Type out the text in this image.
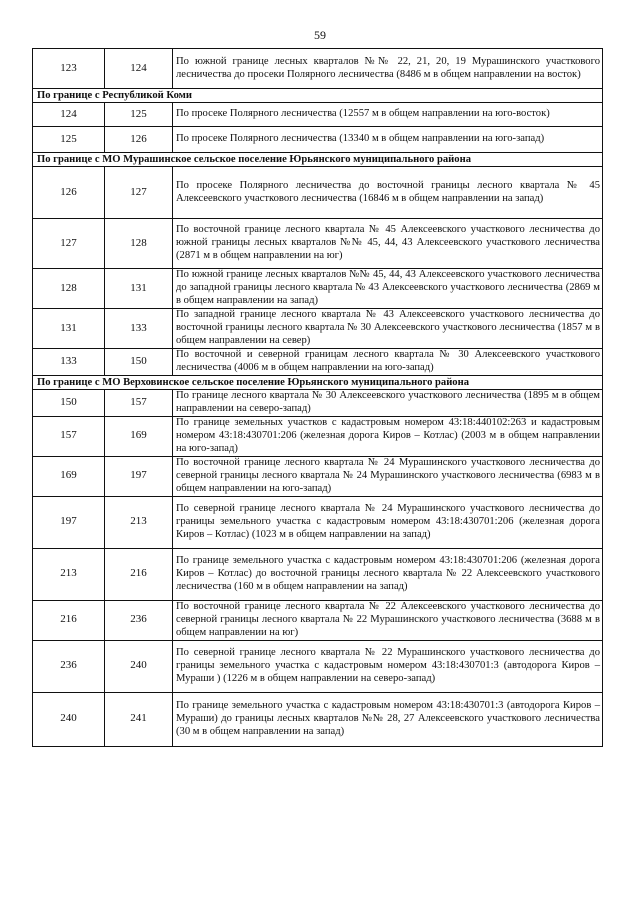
59
123	124	По южной границе лесных кварталов №№ 22, 21, 20, 19 Мурашинского участкового лесничества до просеки Полярного лесничества (8486 м в общем направлении на восток)
По границе с Республикой Коми		
124	125	По просеке Полярного лесничества (12557 м в общем направлении на юго-восток)
125	126	По просеке Полярного лесничества (13340 м в общем направлении на юго-запад)
По границе с МО Мурашинское сельское поселение Юрьянского муниципального района		
126	127	По просеке Полярного лесничества до восточной границы лесного квартала № 45 Алексеевского участкового лесничества (16846 м в общем направлении на запад)
127	128	По восточной границе лесного квартала № 45 Алексеевского участкового лесничества до южной границы лесных кварталов №№ 45, 44, 43 Алексеевского участкового лесничества (2871 м в общем направлении на юг)
128	131	По южной границе лесных кварталов №№ 45, 44, 43 Алексеевского участкового лесничества до западной границы лесного квартала № 43 Алексеевского участкового лесничества (2869 м в общем направлении на запад)
131	133	По западной границе лесного квартала № 43 Алексеевского участкового лесничества до восточной границы лесного квартала № 30 Алексеевского участкового лесничества (1857 м в общем направлении на север)
133	150	По восточной и северной границам лесного квартала № 30 Алексеевского участкового лесничества (4006 м в общем направлении на юго-запад)
По границе с МО Верховинское сельское поселение Юрьянского муниципального района		
150	157	По границе лесного квартала № 30 Алексеевского участкового лесничества (1895 м в общем направлении на северо-запад)
157	169	По границе земельных участков с кадастровым номером 43:18:440102:263 и кадастровым номером 43:18:430701:206 (железная дорога Киров – Котлас) (2003 м в общем направлении на юго-запад)
169	197	По восточной границе лесного квартала № 24 Мурашинского участкового лесничества до северной границы лесного квартала № 24 Мурашинского участкового лесничества (6983 м в общем направлении на юго-запад)
197	213	По северной границе лесного квартала № 24 Мурашинского участкового лесничества до границы земельного участка с кадастровым номером 43:18:430701:206 (железная дорога Киров – Котлас) (1023 м в общем направлении на запад)
213	216	По границе земельного участка с кадастровым номером 43:18:430701:206 (железная дорога Киров – Котлас) до восточной границы лесного квартала № 22 Алексеевского участкового лесничества (160 м в общем направлении на запад)
216	236	По восточной границе лесного квартала № 22 Алексеевского участкового лесничества до северной границы лесного квартала № 22 Мурашинского участкового лесничества (3688 м в общем направлении на юг)
236	240	По северной границе лесного квартала № 22 Мурашинского участкового лесничества до границы земельного участка с кадастровым номером 43:18:430701:3 (автодорога Киров – Мураши ) (1226 м в общем направлении на северо-запад)
240	241	По границе земельного участка с кадастровым номером 43:18:430701:3 (автодорога Киров – Мураши) до границы лесных кварталов №№ 28, 27 Алексеевского участкового лесничества (30 м в общем направлении на запад)
